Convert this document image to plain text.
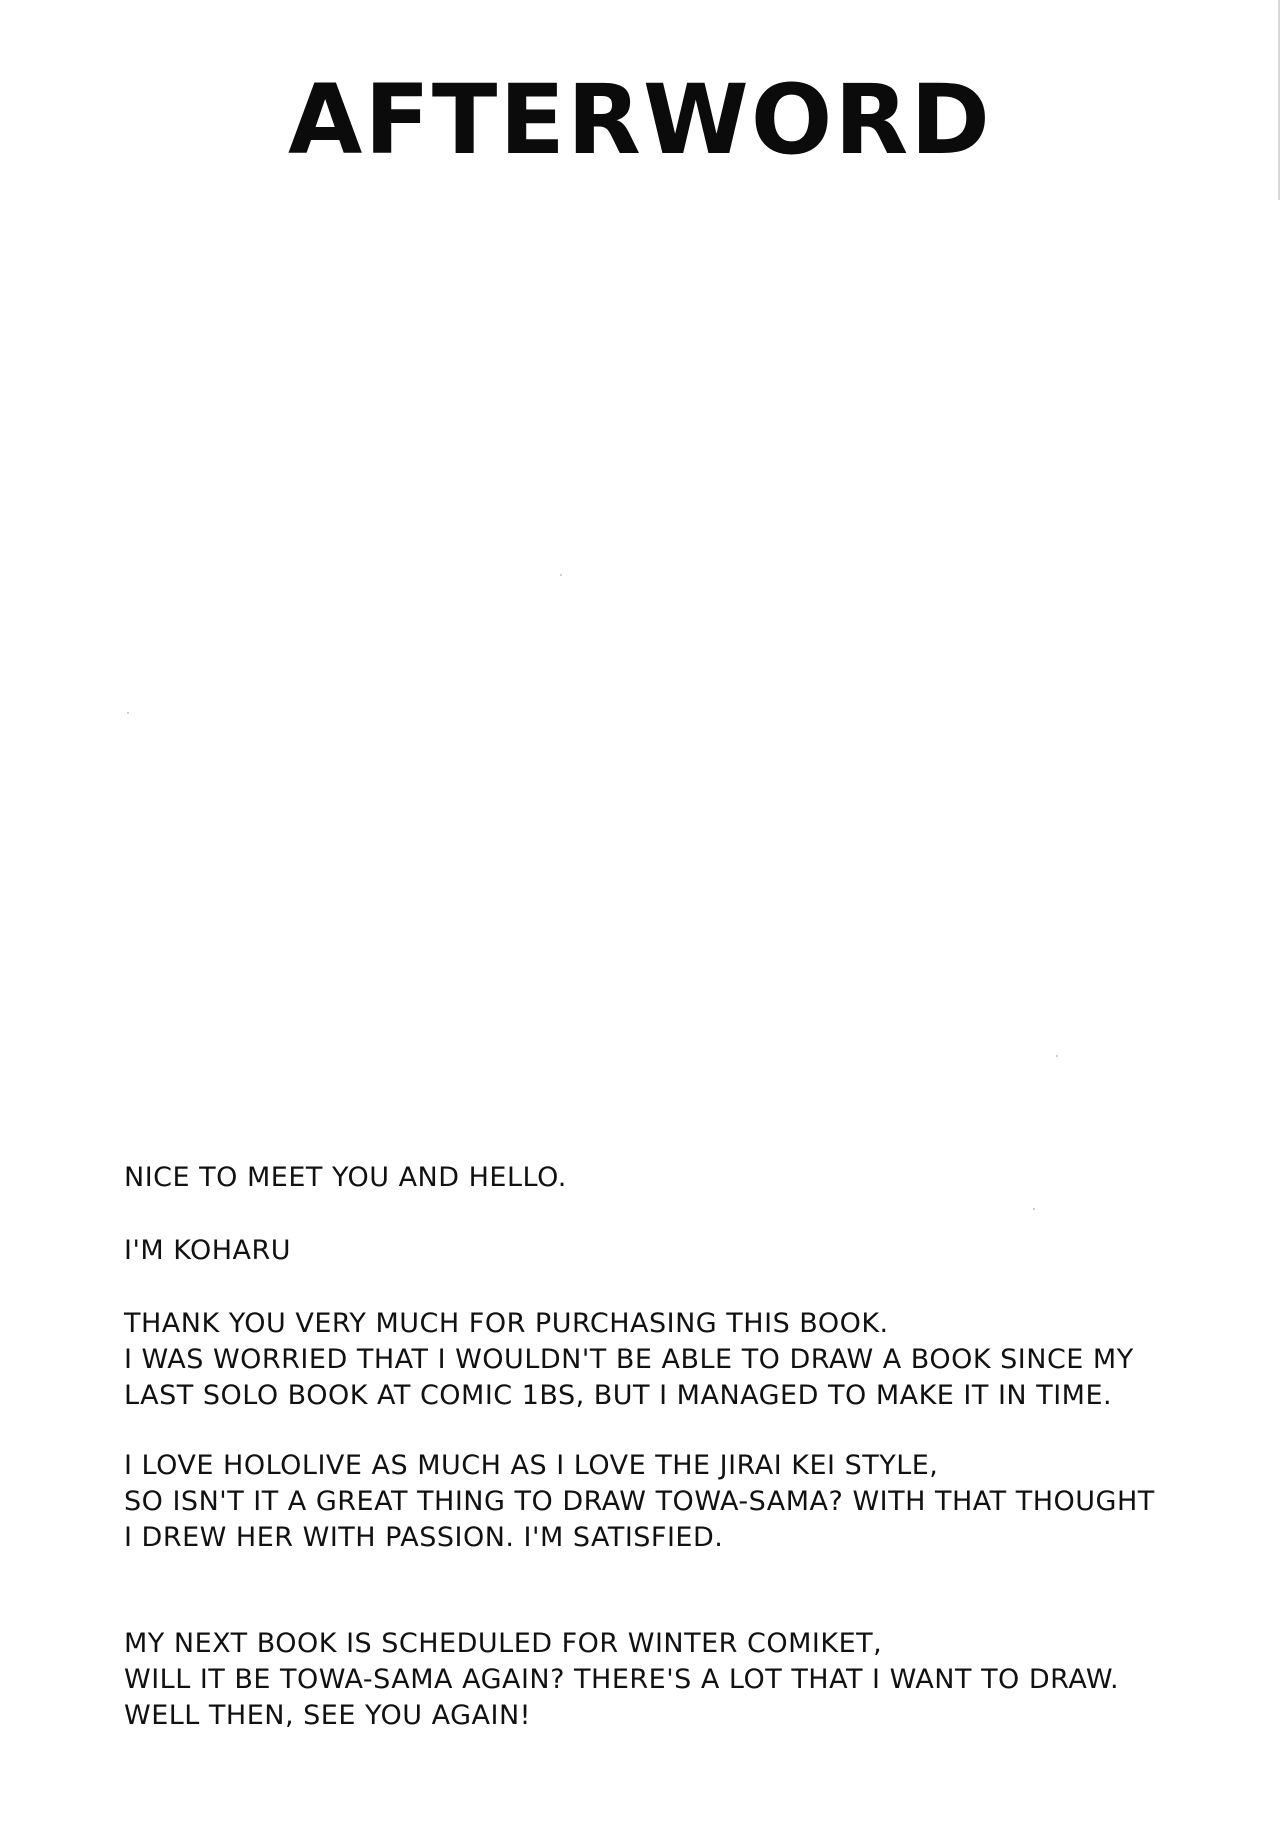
AFTERWORD
NICE TO MEET YOU AND HELLO.
I'M KOHARU
THANK YOU VERY MUCH FOR PURCHASING THIS BOOK.
I WAS WORRIED THAT I WOULDN'T BE ABLE TO DRAW A BOOK SINCE MY
LAST SOLO BOOK AT COMIC 1BS, BUT I MANAGED TO MAKE IT IN TIME.
I LOVE HOLOLIVE AS MUCH AS I LOVE THE JIRAI KEI STYLE,
SO ISN'T IT A GREAT THING TO DRAW TOWA-SAMA? WITH THAT THOUGHT
I DREW HER WITH PASSION. I'M SATISFIED.
MY NEXT BOOK IS SCHEDULED FOR WINTER COMIKET,
WILL IT BE TOWA-SAMA AGAIN? THERE'S A LOT THAT I WANT TO DRAW.
WELL THEN, SEE YOU AGAIN!
